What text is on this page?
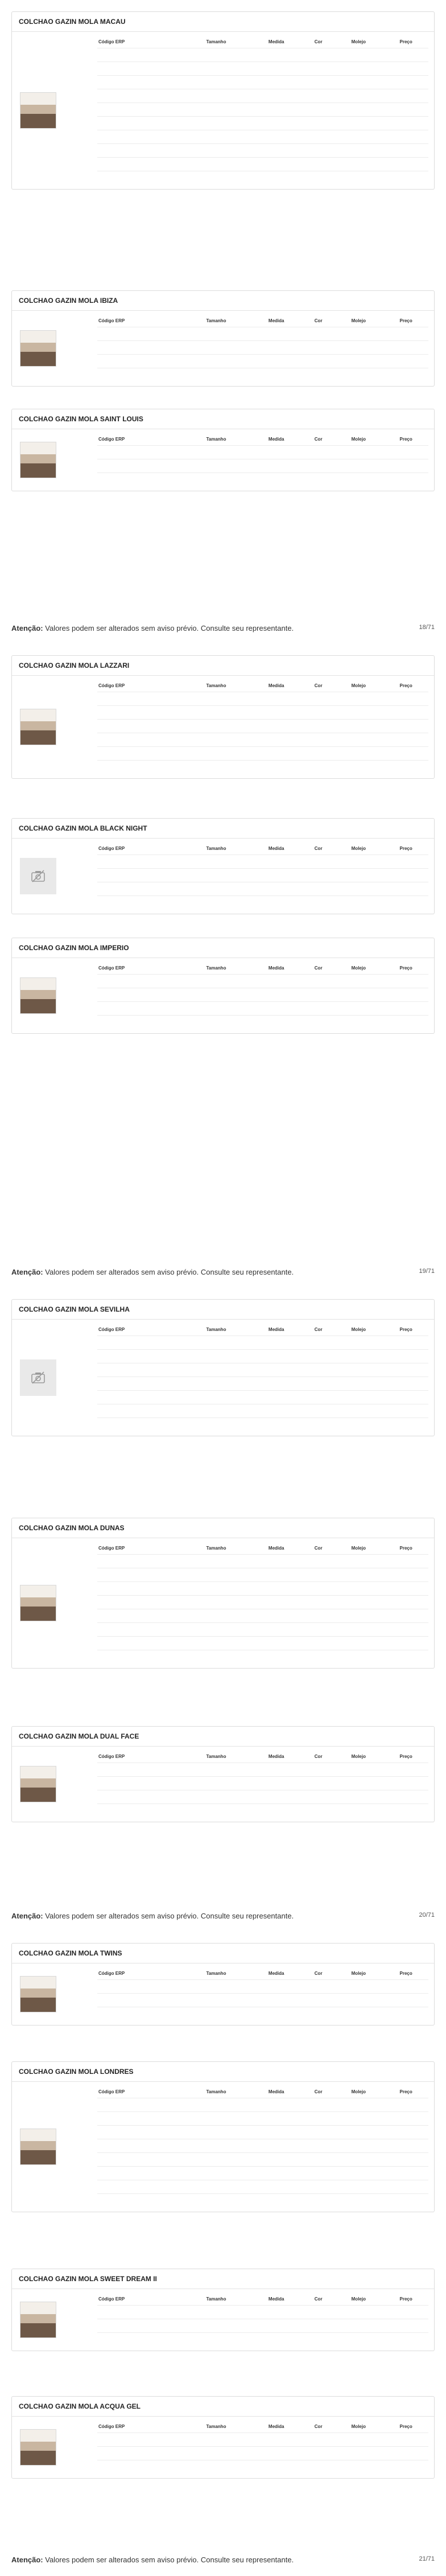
COLCHAO GAZIN MOLA MACAU
Código ERP	Tamanho	Medida	Cor	Molejo	Preço

COLCHAO GAZIN MOLA IBIZA
Código ERP	Tamanho	Medida	Cor	Molejo	Preço

COLCHAO GAZIN MOLA SAINT LOUIS
Código ERP	Tamanho	Medida	Cor	Molejo	Preço

Atenção: Valores podem ser alterados sem aviso prévio. Consulte seu representante.	18/71
COLCHAO GAZIN MOLA LAZZARI
Código ERP	Tamanho	Medida	Cor	Molejo	Preço

COLCHAO GAZIN MOLA BLACK NIGHT
Código ERP	Tamanho	Medida	Cor	Molejo	Preço

COLCHAO GAZIN MOLA IMPERIO
Código ERP	Tamanho	Medida	Cor	Molejo	Preço

Atenção: Valores podem ser alterados sem aviso prévio. Consulte seu representante.	19/71
COLCHAO GAZIN MOLA SEVILHA
Código ERP	Tamanho	Medida	Cor	Molejo	Preço

COLCHAO GAZIN MOLA DUNAS
Código ERP	Tamanho	Medida	Cor	Molejo	Preço

COLCHAO GAZIN MOLA DUAL FACE
Código ERP	Tamanho	Medida	Cor	Molejo	Preço

Atenção: Valores podem ser alterados sem aviso prévio. Consulte seu representante.	20/71
COLCHAO GAZIN MOLA TWINS
Código ERP	Tamanho	Medida	Cor	Molejo	Preço

COLCHAO GAZIN MOLA LONDRES
Código ERP	Tamanho	Medida	Cor	Molejo	Preço

COLCHAO GAZIN MOLA SWEET DREAM II
Código ERP	Tamanho	Medida	Cor	Molejo	Preço

COLCHAO GAZIN MOLA ACQUA GEL
Código ERP	Tamanho	Medida	Cor	Molejo	Preço

Atenção: Valores podem ser alterados sem aviso prévio. Consulte seu representante.	21/71
